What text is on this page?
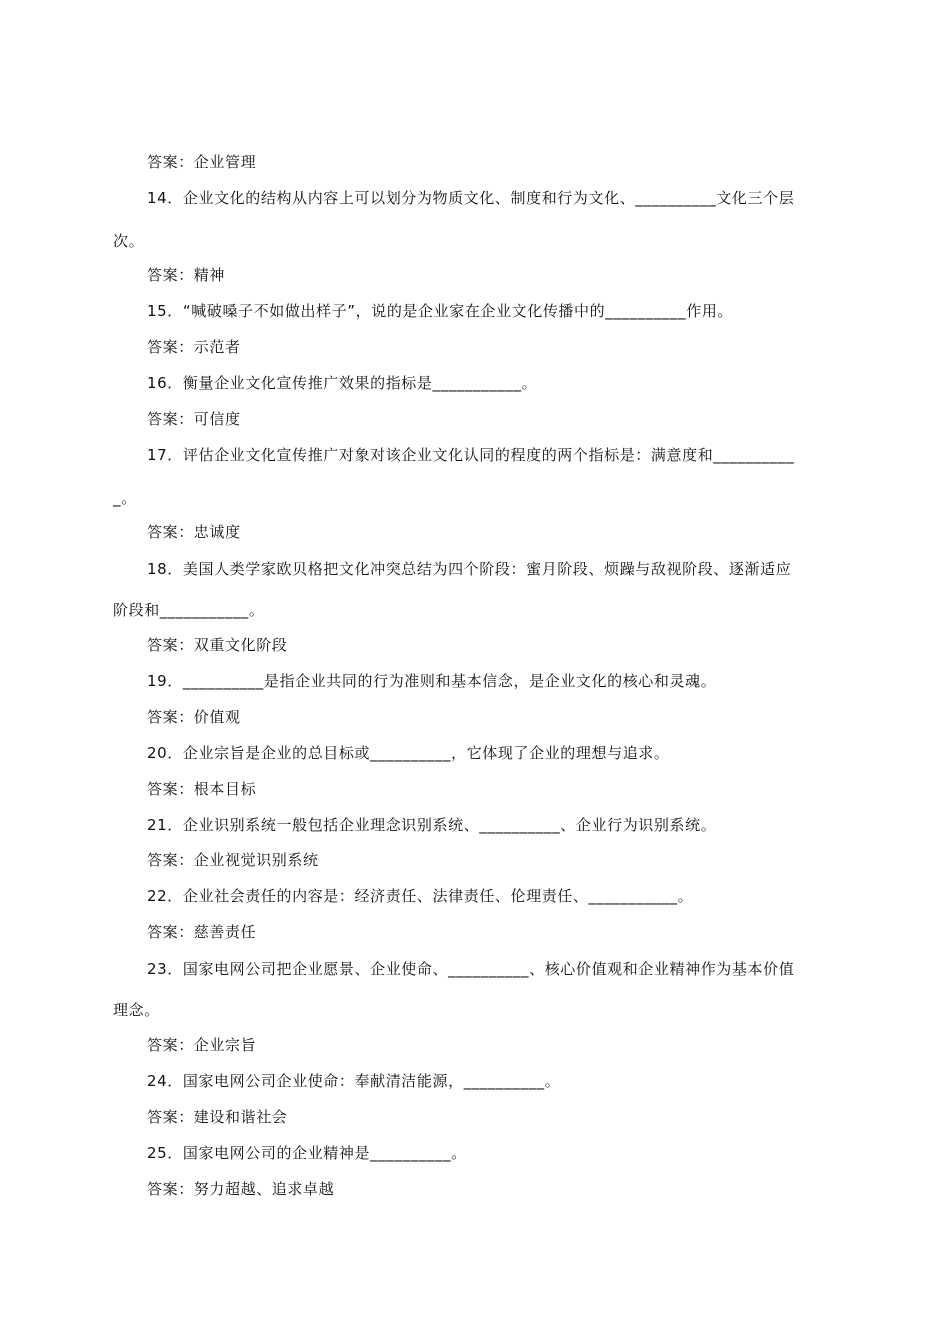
答案：企业管理
14．企业文化的结构从内容上可以划分为物质文化、制度和行为文化、__________文化三个层
次。
答案：精神
15．“喊破嗓子不如做出样子”，说的是企业家在企业文化传播中的__________作用。
答案：示范者
16．衡量企业文化宣传推广效果的指标是___________。
答案：可信度
17．评估企业文化宣传推广对象对该企业文化认同的程度的两个指标是：满意度和__________
_。
答案：忠诚度
18．美国人类学家欧贝格把文化冲突总结为四个阶段：蜜月阶段、烦躁与敌视阶段、逐渐适应
阶段和___________。
答案：双重文化阶段
19．__________是指企业共同的行为准则和基本信念，是企业文化的核心和灵魂。
答案：价值观
20．企业宗旨是企业的总目标或__________，它体现了企业的理想与追求。
答案：根本目标
21．企业识别系统一般包括企业理念识别系统、__________、企业行为识别系统。
答案：企业视觉识别系统
22．企业社会责任的内容是：经济责任、法律责任、伦理责任、___________。
答案：慈善责任
23．国家电网公司把企业愿景、企业使命、__________、核心价值观和企业精神作为基本价值
理念。
答案：企业宗旨
24．国家电网公司企业使命：奉献清洁能源，__________。
答案：建设和谐社会
25．国家电网公司的企业精神是__________。
答案：努力超越、追求卓越
